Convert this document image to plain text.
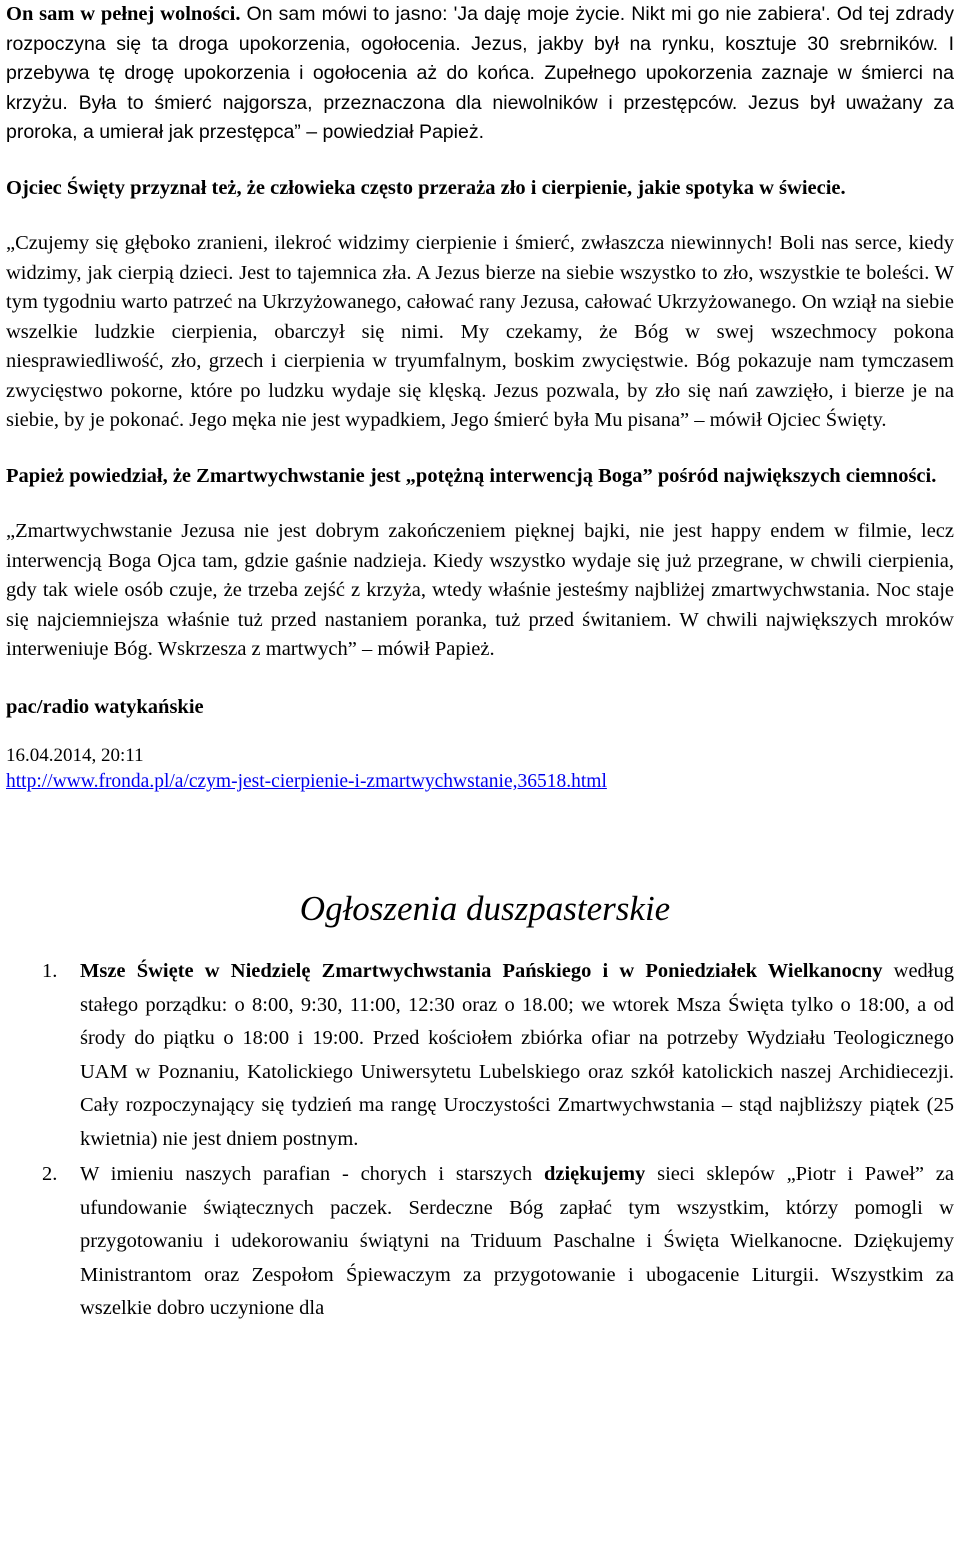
On sam w pełnej wolności. On sam mówi to jasno: 'Ja daję moje życie. Nikt mi go nie zabiera'. Od tej zdrady rozpoczyna się ta droga upokorzenia, ogołocenia. Jezus, jakby był na rynku, kosztuje 30 srebrników. I przebywa tę drogę upokorzenia i ogołocenia aż do końca. Zupełnego upokorzenia zaznaje w śmierci na krzyżu. Była to śmierć najgorsza, przeznaczona dla niewolników i przestępców. Jezus był uważany za proroka, a umierał jak przestępca” – powiedział Papież.

Ojciec Święty przyznał też, że człowieka często przeraża zło i cierpienie, jakie spotyka w świecie.

„Czujemy się głęboko zranieni, ilekroć widzimy cierpienie i śmierć, zwłaszcza niewinnych! Boli nas serce, kiedy widzimy, jak cierpią dzieci. Jest to tajemnica zła. A Jezus bierze na siebie wszystko to zło, wszystkie te boleści. W tym tygodniu warto patrzeć na Ukrzyżowanego, całować rany Jezusa, całować Ukrzyżowanego. On wziął na siebie wszelkie ludzkie cierpienia, obarczył się nimi. My czekamy, że Bóg w swej wszechmocy pokona niesprawiedliwość, zło, grzech i cierpienia w tryumfalnym, boskim zwycięstwie. Bóg pokazuje nam tymczasem zwycięstwo pokorne, które po ludzku wydaje się klęską. Jezus pozwala, by zło się nań zawzięło, i bierze je na siebie, by je pokonać. Jego męka nie jest wypadkiem, Jego śmierć była Mu pisana” – mówił Ojciec Święty.

Papież powiedział, że Zmartwychwstanie jest „potężną interwencją Boga” pośród największych ciemności.

„Zmartwychwstanie Jezusa nie jest dobrym zakończeniem pięknej bajki, nie jest happy endem w filmie, lecz interwencją Boga Ojca tam, gdzie gaśnie nadzieja. Kiedy wszystko wydaje się już przegrane, w chwili cierpienia, gdy tak wiele osób czuje, że trzeba zejść z krzyża, wtedy właśnie jesteśmy najbliżej zmartwychwstania. Noc staje się najciemniejsza właśnie tuż przed nastaniem poranka, tuż przed świtaniem. W chwili największych mroków interweniuje Bóg. Wskrzesza z martwych” – mówił Papież.

pac/radio watykańskie
16.04.2014, 20:11
http://www.fronda.pl/a/czym-jest-cierpienie-i-zmartwychwstanie,36518.html
Ogłoszenia duszpasterskie
1. Msze Święte w Niedzielę Zmartwychwstania Pańskiego i w Poniedziałek Wielkanocny według stałego porządku: o 8:00, 9:30, 11:00, 12:30 oraz o 18.00; we wtorek Msza Święta tylko o 18:00, a od środy do piątku o 18:00 i 19:00. Przed kościołem zbiórka ofiar na potrzeby Wydziału Teologicznego UAM w Poznaniu, Katolickiego Uniwersytetu Lubelskiego oraz szkół katolickich naszej Archidiecezji. Cały rozpoczynający się tydzień ma rangę Uroczystości Zmartwychwstania – stąd najbliższy piątek (25 kwietnia) nie jest dniem postnym.
2. W imieniu naszych parafian - chorych i starszych dziękujemy sieci sklepów „Piotr i Paweł” za ufundowanie świątecznych paczek. Serdeczne Bóg zapłać tym wszystkim, którzy pomogli w przygotowaniu i udekorowaniu świątyni na Triduum Paschalne i Święta Wielkanocne. Dziękujemy Ministrantom oraz Zespołom Śpiewaczym za przygotowanie i ubogacenie Liturgii. Wszystkim za wszelkie dobro uczynione dla
